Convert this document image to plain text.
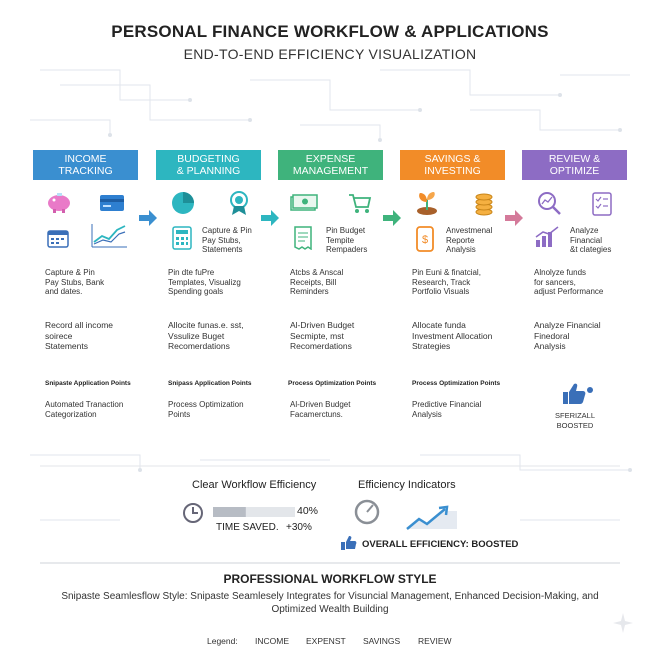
PERSONAL FINANCE WORKFLOW & APPLICATIONS
END-TO-END EFFICIENCY VISUALIZATION
INCOME
TRACKING
Capture & Pin
Pay Stubs, Bank
and dates.
Record all income
soirece
Statements
Snipaste Application Points
Automated Tranaction
Categorization
BUDGETING
& PLANNING
Capture & Pin
Pay Stubs,
Statements
Pin dte fuPre
Templates, Visualizg
Spending goals
Allocite funas.e. sst,
Vssulize Buget
Recomerdations
Snipass Application Points
Process Optimization
Points
EXPENSE
MANAGEMENT
Pin Budget
Tempite
Rempaders
Atcbs & Anscal
Receipts, Bill
Reminders
Al-Driven Budget
Secmipte, mst
Recomerdations
Process Optimization Points
Al-Driven Budget
Facamerctuns.
SAVINGS &
INVESTING
$
Anvestmenal
Reporte
Analysis
Pin Euni & finatcial,
Research, Track
Portfolio Visuals
Allocate funda
Investment Allocation
Strategies
Process Optimization Points
Predictive Financial
Analysis
REVIEW &
OPTIMIZE
Analyze
Financial
&t clategies
Alnolyze funds
for sancers,
adjust Performance
Analyze Financial
Finedoral
Analysis
SFERIZALL
BOOSTED
Clear Workflow Efficiency
40%
TIME SAVED. +30%
Efficiency Indicators
OVERALL EFFICIENCY: BOOSTED
PROFESSIONAL WORKFLOW STYLE
Snipaste Seamlesflow Style: Snipaste Seamlesely Integrates for Visuncial Management, Enhanced Decision-Making, and Optimized Wealth Building
Legend: INCOME EXPENST SAVINGS REVIEW
